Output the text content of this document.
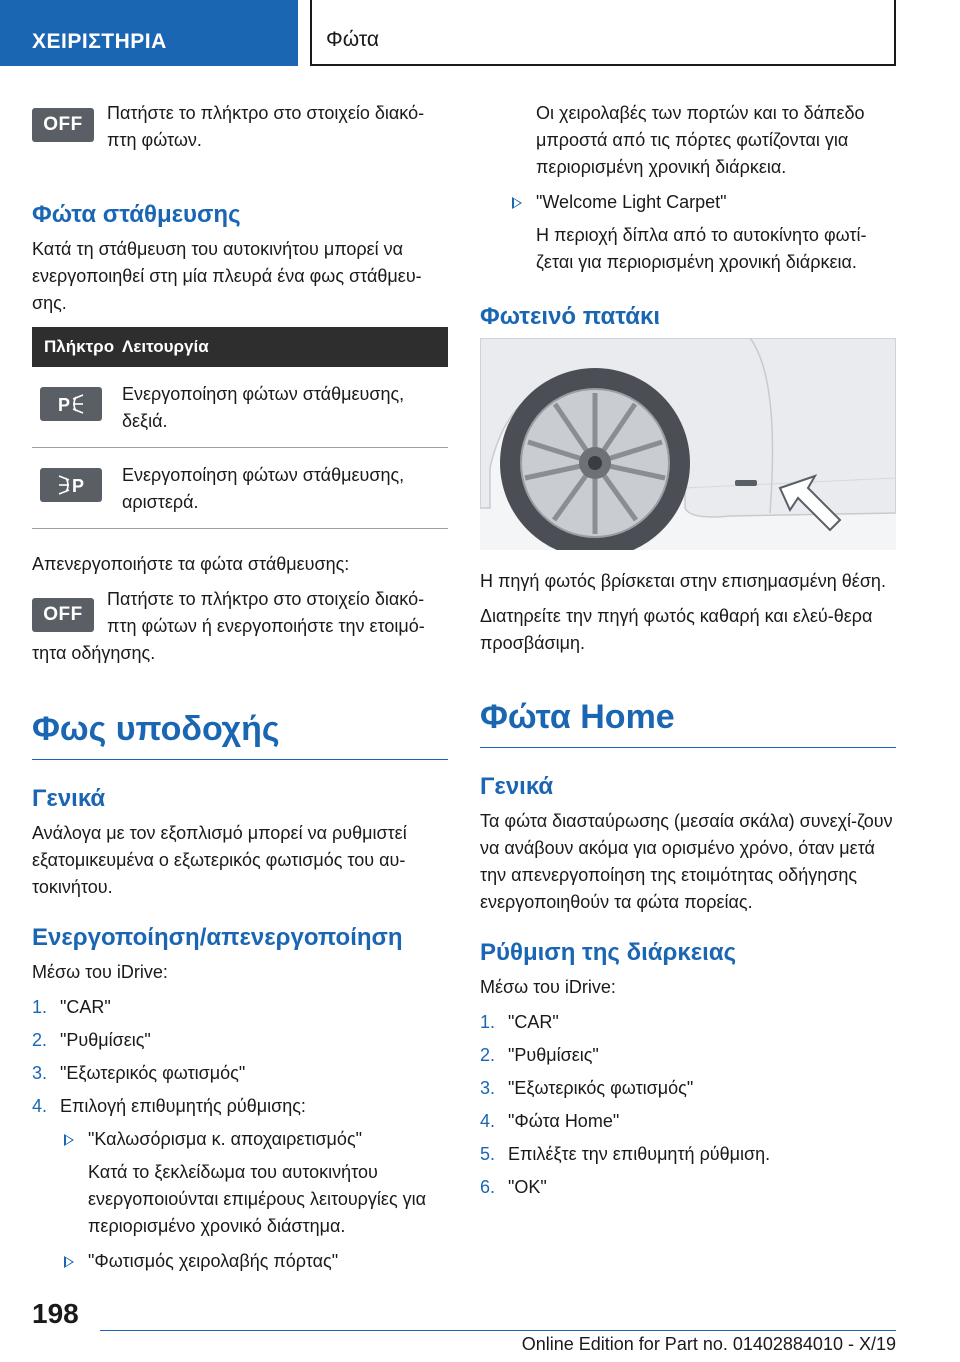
ΧΕΙΡΙΣΤΗΡΙΑ	Φώτα
OFF

Πατήστε το πλήκτρο στο στοιχείο διακό-πτη φώτων.

Φώτα στάθμευσης

Κατά τη στάθμευση του αυτοκινήτου μπορεί να ενεργοποιηθεί στη μία πλευρά ένα φως στάθμευ-σης.

Πλήκτρο	Λειτουργία

P	Ενεργοποίηση φώτων στάθμευσης, δεξιά.

P	Ενεργοποίηση φώτων στάθμευσης, αριστερά.

Απενεργοποιήστε τα φώτα στάθμευσης:

OFF

Πατήστε το πλήκτρο στο στοιχείο διακό-πτη φώτων ή ενεργοποιήστε την ετοιμό-τητα οδήγησης.

Φως υποδοχής
Γενικά

Ανάλογα με τον εξοπλισμό μπορεί να ρυθμιστεί εξατομικευμένα ο εξωτερικός φωτισμός του αυ-τοκινήτου.

Ενεργοποίηση/απενεργοποίηση

Μέσω του iDrive:

1. "CAR"
2. "Ρυθμίσεις"
3. "Εξωτερικός φωτισμός"
4. Επιλογή επιθυμητής ρύθμισης:
"Καλωσόρισμα κ. αποχαιρετισμός"
Κατά το ξεκλείδωμα του αυτοκινήτου ενεργοποιούνται επιμέρους λειτουργίες για περιορισμένο χρονικό διάστημα.
"Φωτισμός χειρολαβής πόρτας"

Οι χειρολαβές των πορτών και το δάπεδο μπροστά από τις πόρτες φωτίζονται για περιορισμένη χρονική διάρκεια.

"Welcome Light Carpet"
Η περιοχή δίπλα από το αυτοκίνητο φωτί-ζεται για περιορισμένη χρονική διάρκεια.
Φωτεινό πατάκι

Η πηγή φωτός βρίσκεται στην επισημασμένη θέση.

Διατηρείτε την πηγή φωτός καθαρή και ελεύ-θερα προσβάσιμη.

Φώτα Home
Γενικά

Τα φώτα διασταύρωσης (μεσαία σκάλα) συνεχί-ζουν να ανάβουν ακόμα για ορισμένο χρόνο, όταν μετά την απενεργοποίηση της ετοιμότητας οδήγησης ενεργοποιηθούν τα φώτα πορείας.

Ρύθμιση της διάρκειας

Μέσω του iDrive:

1. "CAR"
2. "Ρυθμίσεις"
3. "Εξωτερικός φωτισμός"
4. "Φώτα Home"
5. Επιλέξτε την επιθυμητή ρύθμιση.
6. "OK"
198
Online Edition for Part no. 01402884010 - X/19
